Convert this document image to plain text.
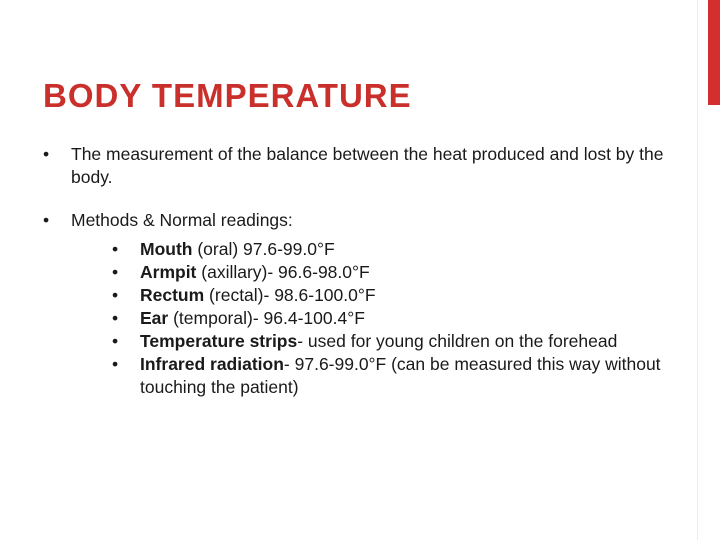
BODY TEMPERATURE
• The measurement of the balance between the heat produced and lost by the body.
• Methods & Normal readings:
• Mouth (oral) 97.6-99.0°F
• Armpit (axillary)- 96.6-98.0°F
• Rectum (rectal)- 98.6-100.0°F
• Ear (temporal)- 96.4-100.4°F
• Temperature strips- used for young children on the forehead
• Infrared radiation- 97.6-99.0°F (can be measured this way without touching the patient)
